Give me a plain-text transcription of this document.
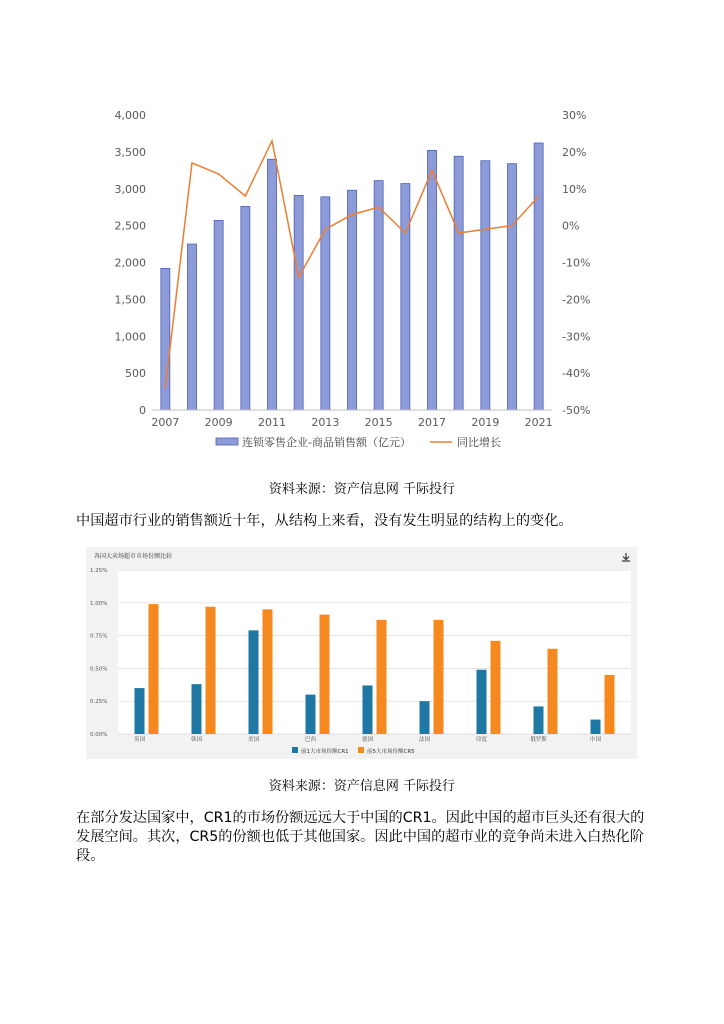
0
500
1,000
1,500
2,000
2,500
3,000
3,500
4,000
-50%
-40%
-30%
-20%
-10%
0%
10%
20%
30%
2007 2009 2011 2013 2015 2017 2019 2021
连锁零售企业-商品销售额（亿元）	同比增长
资料来源：资产信息网 千际投行
中国超市行业的销售额近十年，从结构上来看，没有发生明显的结构上的变化。
各国大卖场超市市场份额比较
0.00%
0.25%
0.50%
0.75%
1.00%
1.25%
英国	韩国	美国	巴西	德国	法国	印度	俄罗斯	中国
前1大市场份额CR1	前5大市场份额CR5
资料来源：资产信息网 千际投行
在部分发达国家中，CR1的市场份额远远大于中国的CR1。因此中国的超市巨头还有很大的
发展空间。其次，CR5的份额也低于其他国家。因此中国的超市业的竞争尚未进入白热化阶
段。
